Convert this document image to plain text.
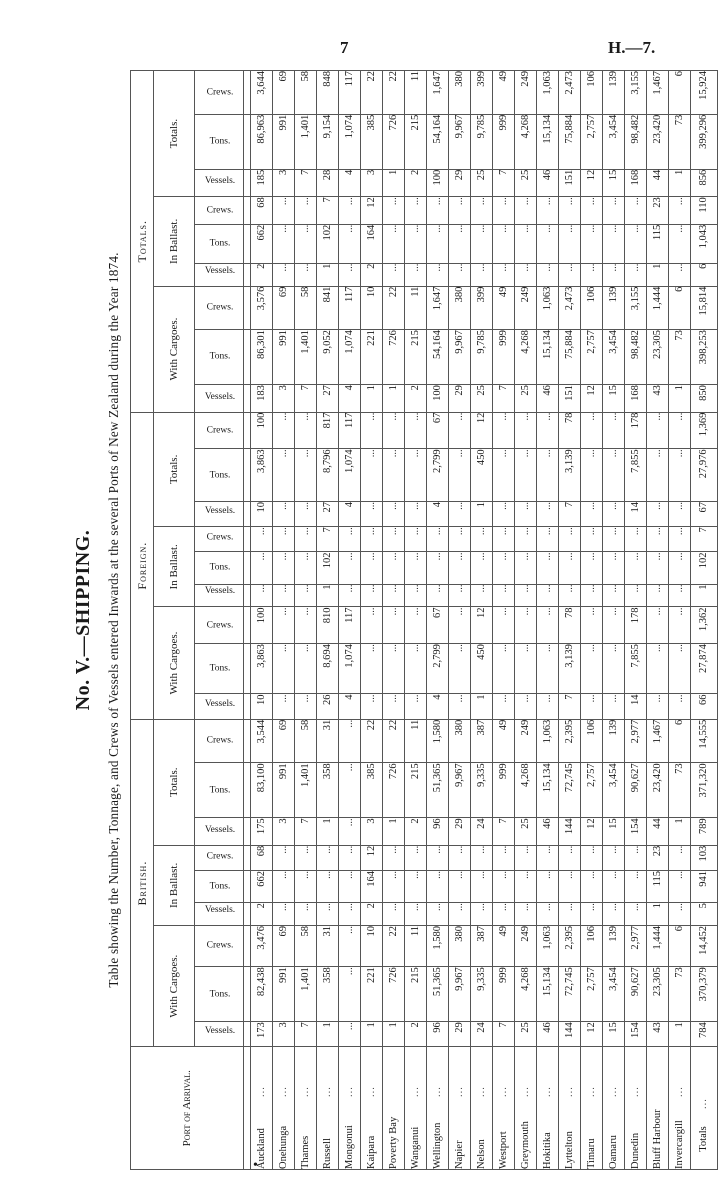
7	H.—7.
•
No. V.—SHIPPING. Table showing the Number, Tonnage, and Crews of Vessels entered Inwards at the several Ports of New Zealand during the Year 1874.
Port of Arrival.	British.									Foreign.									Totals.								
	With Cargoes.			In Ballast.			Totals.			With Cargoes.			In Ballast.			Totals.			With Cargoes.			In Ballast.			Totals.		
	Vessels.	Tons.	Crews.	Vessels.	Tons.	Crews.	Vessels.	Tons.	Crews.	Vessels.	Tons.	Crews.	Vessels.	Tons.	Crews.	Vessels.	Tons.	Crews.	Vessels.	Tons.	Crews.	Vessels.	Tons.	Crews.	Vessels.	Tons.	Crews.

Auckland...	173	82,438	3,476	2	662	68	175	83,100	3,544	10	3,863	100	...	...	...	10	3,863	100	183	86,301	3,576	2	662	68	185	86,963	3,644
Onehunga...	3	991	69	...	...	...	3	991	69	...	...	...	...	...	...	...	...	...	3	991	69	...	...	...	3	991	69
Thames...	7	1,401	58	...	...	...	7	1,401	58	...	...	...	...	...	...	...	...	...	7	1,401	58	...	...	...	7	1,401	58
Russell...	1	358	31	...	...	...	1	358	31	26	8,694	810	1	102	7	27	8,796	817	27	9,052	841	1	102	7	28	9,154	848
Mongonui...	...	...	...	...	...	...	...	...	...	4	1,074	117	...	...	...	4	1,074	117	4	1,074	117	...	...	...	4	1,074	117
Kaipara...	1	221	10	2	164	12	3	385	22	...	...	...	...	...	...	...	...	...	1	221	10	2	164	12	3	385	22
Poverty Bay	1	726	22	...	...	...	1	726	22	...	...	...	...	...	...	...	...	...	1	726	22	...	...	...	1	726	22
Wanganui...	2	215	11	...	...	...	2	215	11	...	...	...	...	...	...	...	...	...	2	215	11	...	...	...	2	215	11
Wellington...	96	51,365	1,580	...	...	...	96	51,365	1,580	4	2,799	67	...	...	...	4	2,799	67	100	54,164	1,647	...	...	...	100	54,164	1,647
Napier...	29	9,967	380	...	...	...	29	9,967	380	...	...	...	...	...	...	...	...	...	29	9,967	380	...	...	...	29	9,967	380
Nelson...	24	9,335	387	...	...	...	24	9,335	387	1	450	12	...	...	...	1	450	12	25	9,785	399	...	...	...	25	9,785	399
Westport...	7	999	49	...	...	...	7	999	49	...	...	...	...	...	...	...	...	...	7	999	49	...	...	...	7	999	49
Greymouth...	25	4,268	249	...	...	...	25	4,268	249	...	...	...	...	...	...	...	...	...	25	4,268	249	...	...	...	25	4,268	249
Hokitika...	46	15,134	1,063	...	...	...	46	15,134	1,063	...	...	...	...	...	...	...	...	...	46	15,134	1,063	...	...	...	46	15,134	1,063
Lyttelton...	144	72,745	2,395	...	...	...	144	72,745	2,395	7	3,139	78	...	...	...	7	3,139	78	151	75,884	2,473	...	...	...	151	75,884	2,473
Timaru...	12	2,757	106	...	...	...	12	2,757	106	...	...	...	...	...	...	...	...	...	12	2,757	106	...	...	...	12	2,757	106
Oamaru...	15	3,454	139	...	...	...	15	3,454	139	...	...	...	...	...	...	...	...	...	15	3,454	139	...	...	...	15	3,454	139
Dunedin...	154	90,627	2,977	...	...	...	154	90,627	2,977	14	7,855	178	...	...	...	14	7,855	178	168	98,482	3,155	...	...	...	168	98,482	3,155
Bluff Harbour	43	23,305	1,444	1	115	23	44	23,420	1,467	...	...	...	...	...	...	...	...	...	43	23,305	1,444	1	115	23	44	23,420	1,467
Invercargill...	1	73	6	...	...	...	1	73	6	...	...	...	...	...	...	...	...	...	1	73	6	...	...	...	1	73	6
Totals...	784	370,379	14,452	5	941	103	789	371,320	14,555	66	27,874	1,362	1	102	7	67	27,976	1,369	850	398,253	15,814	6	1,043	110	856	399,296	15,924
